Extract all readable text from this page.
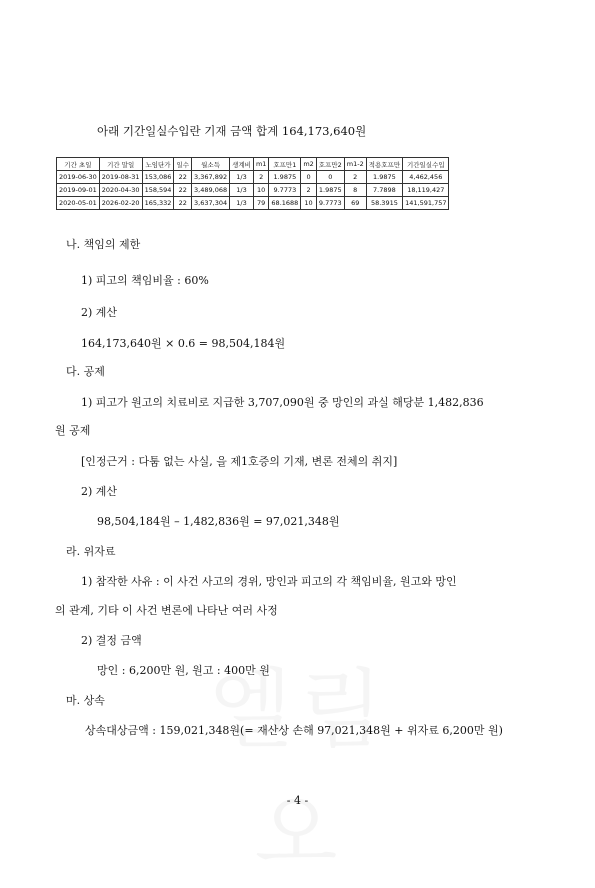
아래 기간일실수입란 기재 금액 합계 164,173,640원
기간 초일	기간 말일	노임단가	일수	월소득	생계비	m1	호프만1	m2	호프만2	m1-2	적용호프만	기간일실수입
2019-06-30	2019-08-31	153,086	22	3,367,892	1/3	2	1.9875	0	0	2	1.9875	4,462,456
2019-09-01	2020-04-30	158,594	22	3,489,068	1/3	10	9.7773	2	1.9875	8	7.7898	18,119,427
2020-05-01	2026-02-20	165,332	22	3,637,304	1/3	79	68.1688	10	9.7773	69	58.3915	141,591,757
나. 책임의 제한
1) 피고의 책임비율 : 60%
2) 계산
164,173,640원 × 0.6 = 98,504,184원
다. 공제
1) 피고가 원고의 치료비로 지급한 3,707,090원 중 망인의 과실 해당분 1,482,836
원 공제
[인정근거 : 다툼 없는 사실, 을 제1호증의 기재, 변론 전체의 취지]
2) 계산
98,504,184원 – 1,482,836원 = 97,021,348원
라. 위자료
1) 참작한 사유 : 이 사건 사고의 경위, 망인과 피고의 각 책임비율, 원고와 망인
의 관계, 기타 이 사건 변론에 나타난 여러 사정
2) 결정 금액
망인 : 6,200만 원, 원고 : 400만 원
마. 상속
상속대상금액 : 159,021,348원(= 재산상 손해 97,021,348원 + 위자료 6,200만 원)
- 4 -
